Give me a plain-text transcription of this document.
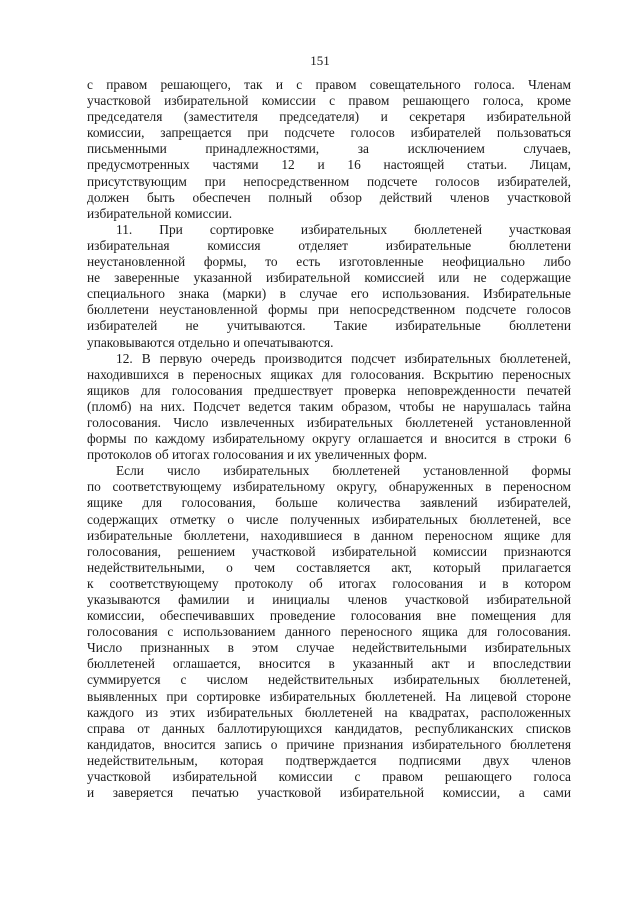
151
с правом решающего, так и с правом совещательного голоса. Членам
участковой избирательной комиссии с правом решающего голоса, кроме
председателя (заместителя председателя) и секретаря избирательной
комиссии, запрещается при подсчете голосов избирателей пользоваться
письменными принадлежностями, за исключением случаев,
предусмотренных частями 12 и 16 настоящей статьи. Лицам,
присутствующим при непосредственном подсчете голосов избирателей,
должен быть обеспечен полный обзор действий членов участковой
избирательной комиссии.
11. При сортировке избирательных бюллетеней участковая
избирательная комиссия отделяет избирательные бюллетени
неустановленной формы, то есть изготовленные неофициально либо
не заверенные указанной избирательной комиссией или не содержащие
специального знака (марки) в случае его использования. Избирательные
бюллетени неустановленной формы при непосредственном подсчете голосов
избирателей не учитываются. Такие избирательные бюллетени
упаковываются отдельно и опечатываются.
12. В первую очередь производится подсчет избирательных бюллетеней,
находившихся в переносных ящиках для голосования. Вскрытию переносных
ящиков для голосования предшествует проверка неповрежденности печатей
(пломб) на них. Подсчет ведется таким образом, чтобы не нарушалась тайна
голосования. Число извлеченных избирательных бюллетеней установленной
формы по каждому избирательному округу оглашается и вносится в строки 6
протоколов об итогах голосования и их увеличенных форм.
Если число избирательных бюллетеней установленной формы
по соответствующему избирательному округу, обнаруженных в переносном
ящике для голосования, больше количества заявлений избирателей,
содержащих отметку о числе полученных избирательных бюллетеней, все
избирательные бюллетени, находившиеся в данном переносном ящике для
голосования, решением участковой избирательной комиссии признаются
недействительными, о чем составляется акт, который прилагается
к соответствующему протоколу об итогах голосования и в котором
указываются фамилии и инициалы членов участковой избирательной
комиссии, обеспечивавших проведение голосования вне помещения для
голосования с использованием данного переносного ящика для голосования.
Число признанных в этом случае недействительными избирательных
бюллетеней оглашается, вносится в указанный акт и впоследствии
суммируется с числом недействительных избирательных бюллетеней,
выявленных при сортировке избирательных бюллетеней. На лицевой стороне
каждого из этих избирательных бюллетеней на квадратах, расположенных
справа от данных баллотирующихся кандидатов, республиканских списков
кандидатов, вносится запись о причине признания избирательного бюллетеня
недействительным, которая подтверждается подписями двух членов
участковой избирательной комиссии с правом решающего голоса
и заверяется печатью участковой избирательной комиссии, а сами
